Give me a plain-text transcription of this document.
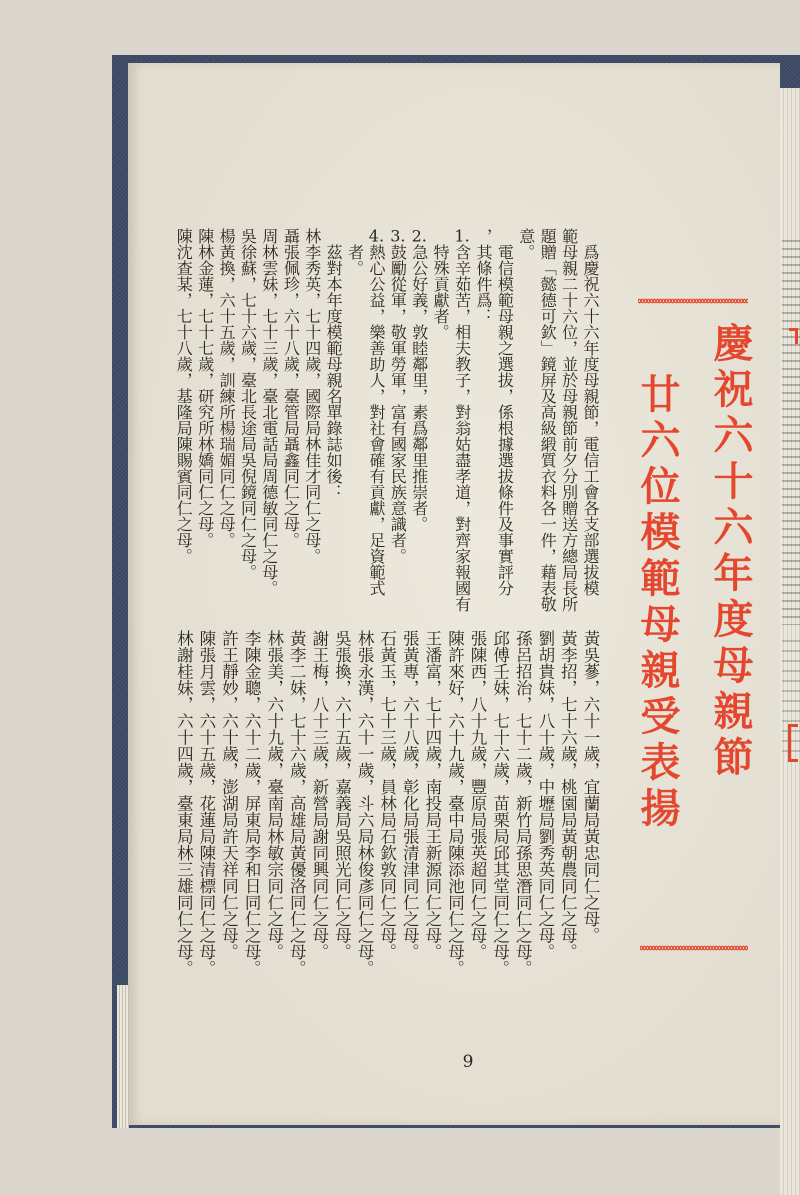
慶祝六十六年度母親節
廿六位模範母親受表揚
爲慶祝六十六年度母親節，電信工會各支部選拔模
範母親二十六位，並於母親節前夕分別贈送方總局長所
題贈「懿德可欽」鏡屏及高級緞質衣料各一件，藉表敬
意。
電信模範母親之選拔，係根據選拔條件及事實評分
，其條件爲：
1.含辛茹苦，相夫教子，對翁姑盡孝道，對齊家報國有
特殊貢獻者。
2.急公好義，敦睦鄰里，素爲鄰里推崇者。
3.鼓勵從軍，敬軍勞軍，富有國家民族意識者。
4.熱心公益，樂善助人，對社會確有貢獻，足資範式
者。
茲對本年度模範母親名單錄誌如後：
林李秀英，七十四歲，國際局林佳才同仁之母。
聶張佩珍，六十八歲，臺管局聶鑫同仁之母。
周林雲妹，七十三歲，臺北電話局周德敏同仁之母。
吳徐蘇，七十六歲，臺北長途局吳倪鏡同仁之母。
楊黃換，六十五歲，訓練所楊瑞媚同仁之母。
陳林金蓮，七十七歲，研究所林嬌同仁之母。
陳沈查某，七十八歲，基隆局陳賜賓同仁之母。
黃吳蔘，六十一歲，宜蘭局黃忠同仁之母。
黃李招，七十六歲，桃園局黃朝農同仁之母。
劉胡貴妹，八十歲，中壢局劉秀英同仁之母。
孫呂招治，七十二歲，新竹局孫思潛同仁之母。
邱傅壬妹，七十六歲，苗栗局邱其堂同仁之母。
張陳西，八十九歲，豐原局張英超同仁之母。
陳許來好，六十九歲，臺中局陳添池同仁之母。
王潘富，七十四歲，南投局王新源同仁之母。
張黃專，六十八歲，彰化局張清津同仁之母。
石黃玉，七十三歲，員林局石欽敦同仁之母。
林張永漢，六十一歲，斗六局林俊彥同仁之母。
吳張換，六十五歲，嘉義局吳照光同仁之母。
謝王梅，八十三歲，新營局謝同興同仁之母。
黃李二妹，七十六歲，高雄局黃優洛同仁之母。
林張美，六十九歲，臺南局林敏宗同仁之母。
李陳金聰，六十二歲，屏東局李和日同仁之母。
許王靜妙，六十歲，澎湖局許天祥同仁之母。
陳張月雲，六十五歲，花蓮局陳清標同仁之母。
林謝桂妹，六十四歲，臺東局林三雄同仁之母。
9
